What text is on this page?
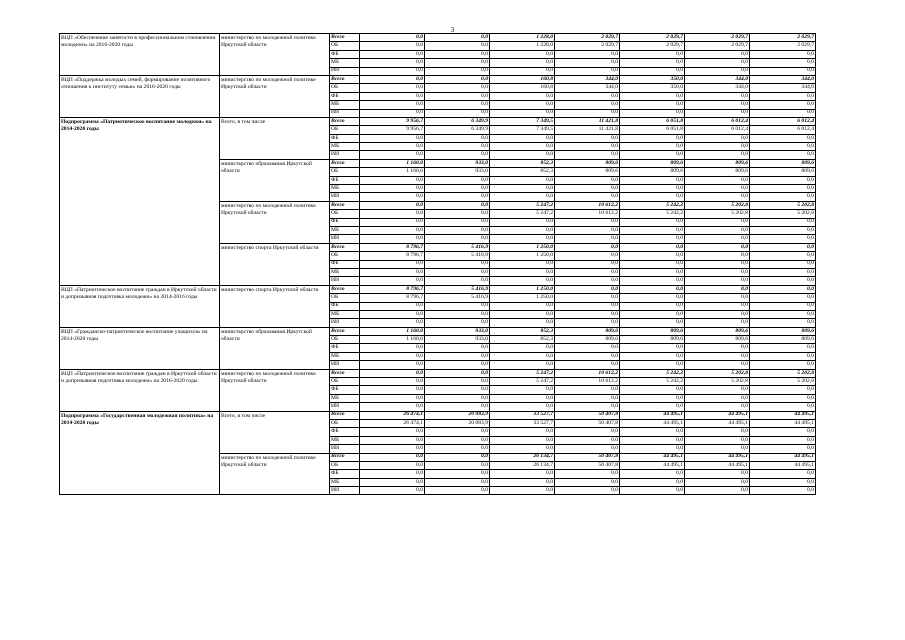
3
ВЦП «Обеспечение занятости в профессиональном становлении молодежи» на 2016-2020 годы	министерство по молодежной политике Иркутской области	Всего	0,0	0,0	1 228,0	2 029,7	2 029,7	2 029,7	2 029,7
		ОБ	0,0	0,0	1 228,0	2 029,7	2 029,7	2 029,7	2 029,7
		ФБ	0,0	0,0	0,0	0,0	0,0	0,0	0,0
		МБ	0,0	0,0	0,0	0,0	0,0	0,0	0,0
		ИИ	0,0	0,0	0,0	0,0	0,0	0,0	0,0
ВЦП «Поддержка молодых семей, формирование позитивного отношения к институту семьи» на 2016-2020 годы	министерство по молодежной политике Иркутской области	Всего	0,0	0,0	160,8	344,0	350,0	344,0	344,0
		ОБ	0,0	0,0	160,8	344,0	350,0	344,0	344,0
		ФБ	0,0	0,0	0,0	0,0	0,0	0,0	0,0
		МБ	0,0	0,0	0,0	0,0	0,0	0,0	0,0
		ИИ	0,0	0,0	0,0	0,0	0,0	0,0	0,0
Подпрограмма «Патриотическое воспитание молодежи» на 2014-2020 годы	Всего, в том числе	Всего	9 956,7	6 349,9	7 349,5	11 421,8	6 051,8	6 012,4	6 012,4
		ОБ	9 956,7	6 349,9	7 349,5	11 421,8	6 051,8	6 012,4	6 012,4
		ФБ	0,0	0,0	0,0	0,0	0,0	0,0	0,0
		МБ	0,0	0,0	0,0	0,0	0,0	0,0	0,0
		ИИ	0,0	0,0	0,0	0,0	0,0	0,0	0,0
	министерство образования Иркутской области	Всего	1 160,0	933,0	852,3	809,6	809,6	809,6	809,6
		ОБ	1 160,0	933,0	852,3	809,6	809,6	809,6	809,6
		ФБ	0,0	0,0	0,0	0,0	0,0	0,0	0,0
		МБ	0,0	0,0	0,0	0,0	0,0	0,0	0,0
		ИИ	0,0	0,0	0,0	0,0	0,0	0,0	0,0
	министерство по молодежной политике Иркутской области	Всего	0,0	0,0	5 247,2	10 612,2	5 242,2	5 202,8	5 202,8
		ОБ	0,0	0,0	5 247,2	10 612,2	5 242,2	5 202,8	5 202,8
		ФБ	0,0	0,0	0,0	0,0	0,0	0,0	0,0
		МБ	0,0	0,0	0,0	0,0	0,0	0,0	0,0
		ИИ	0,0	0,0	0,0	0,0	0,0	0,0	0,0
	министерство спорта Иркутской области	Всего	8 796,7	5 416,9	1 250,0	0,0	0,0	0,0	0,0
		ОБ	8 796,7	5 416,9	1 250,0	0,0	0,0	0,0	0,0
		ФБ	0,0	0,0	0,0	0,0	0,0	0,0	0,0
		МБ	0,0	0,0	0,0	0,0	0,0	0,0	0,0
		ИИ	0,0	0,0	0,0	0,0	0,0	0,0	0,0
ВЦП «Патриотическое воспитание граждан в Иркутской области и допризывная подготовка молодежи» на 2014-2016 годы	министерство спорта Иркутской области	Всего	8 796,7	5 416,9	1 250,0	0,0	0,0	0,0	0,0
		ОБ	8 796,7	5 416,9	1 250,0	0,0	0,0	0,0	0,0
		ФБ	0,0	0,0	0,0	0,0	0,0	0,0	0,0
		МБ	0,0	0,0	0,0	0,0	0,0	0,0	0,0
		ИИ	0,0	0,0	0,0	0,0	0,0	0,0	0,0
ВЦП «Гражданско-патриотическое воспитание учащихся» на 2014-2020 годы	министерство образования Иркутской области	Всего	1 160,0	933,0	852,3	809,6	809,6	809,6	809,6
		ОБ	1 160,0	933,0	852,3	809,6	809,6	809,6	809,6
		ФБ	0,0	0,0	0,0	0,0	0,0	0,0	0,0
		МБ	0,0	0,0	0,0	0,0	0,0	0,0	0,0
		ИИ	0,0	0,0	0,0	0,0	0,0	0,0	0,0
ВЦП «Патриотическое воспитание граждан в Иркутской области и допризывная подготовка молодежи» на 2016-2020 годы	министерство по молодежной политике Иркутской области	Всего	0,0	0,0	5 247,2	10 612,2	5 242,2	5 202,8	5 202,8
		ОБ	0,0	0,0	5 247,2	10 612,2	5 242,2	5 202,8	5 202,8
		ФБ	0,0	0,0	0,0	0,0	0,0	0,0	0,0
		МБ	0,0	0,0	0,0	0,0	0,0	0,0	0,0
		ИИ	0,0	0,0	0,0	0,0	0,0	0,0	0,0
Подпрограмма «Государственная молодежная политика» на 2014-2020 годы	Всего, в том числе	Всего	26 474,1	20 083,9	33 527,7	50 407,8	44 495,1	44 495,1	44 495,1
		ОБ	26 474,1	20 083,9	33 527,7	50 407,8	44 495,1	44 495,1	44 495,1
		ФБ	0,0	0,0	0,0	0,0	0,0	0,0	0,0
		МБ	0,0	0,0	0,0	0,0	0,0	0,0	0,0
		ИИ	0,0	0,0	0,0	0,0	0,0	0,0	0,0
	министерство по молодежной политике Иркутской области	Всего	0,0	0,0	26 134,7	50 407,8	44 495,1	44 495,1	44 495,1
		ОБ	0,0	0,0	26 134,7	50 407,8	44 495,1	44 495,1	44 495,1
		ФБ	0,0	0,0	0,0	0,0	0,0	0,0	0,0
		МБ	0,0	0,0	0,0	0,0	0,0	0,0	0,0
		ИИ	0,0	0,0	0,0	0,0	0,0	0,0	0,0
